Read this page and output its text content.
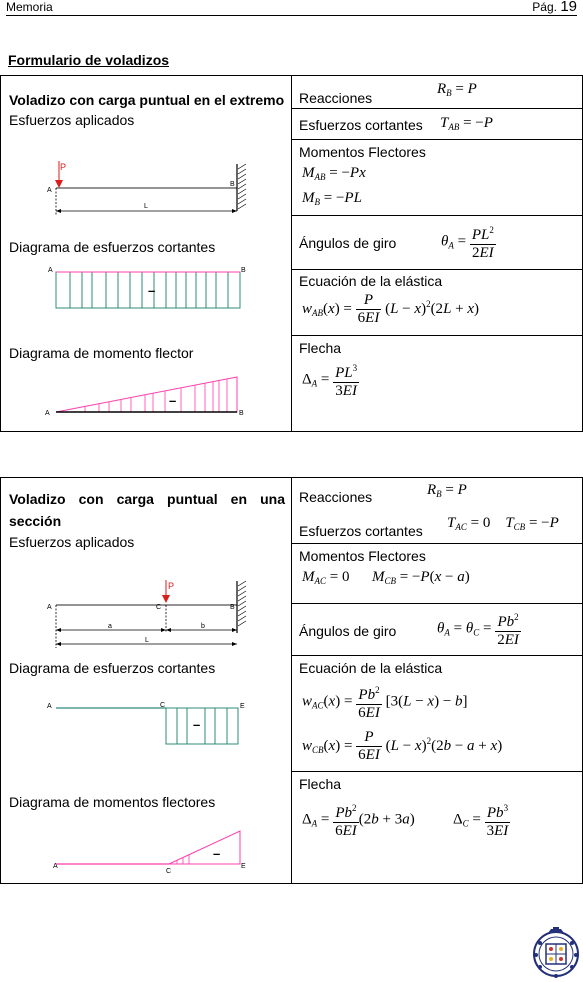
Memoria	Pág. 19
Formulario de voladizos
Voladizo con carga puntual en el extremo
Esfuerzos aplicados
Diagrama de esfuerzos cortantes
Diagrama de momento flector
P
A
B
L
–
A	B
–
A	B
Reacciones
$R_B = P$
Esfuerzos cortantes $T_{AB} = -P$
Momentos Flectores
$M_{AB} = -Px$
$M_B = -PL$
Ángulos de giro	$\theta_A = \frac{PL^2}{2EI}$
Ecuación de la elástica
$w_{AB}(x) = \frac{P}{6EI} (L - x)^2(2L + x)$
Flecha
$\Delta_A = \frac{PL^3}{3EI}$
Voladizo con carga puntual en una
sección
Esfuerzos aplicados
Diagrama de esfuerzos cortantes
Diagrama de momentos flectores
P
A	C	B
a	b
L
–
A	C	E
–
A
C
E
Reacciones	$R_B = P$
Esfuerzos cortantes $T_{AC} = 0$    $T_{CB} = -P$
Momentos Flectores
$M_{AC} = 0$      $M_{CB} = -P(x - a)$
Ángulos de giro	$\theta_A = \theta_C = \frac{Pb^2}{2EI}$
Ecuación de la elástica
$w_{AC}(x) = \frac{Pb^2}{6EI} [3(L - x) - b]$
$w_{CB}(x) = \frac{P}{6EI} (L - x)^2(2b - a + x)$
Flecha
$\Delta_A = \frac{Pb^2}{6EI} (2b + 3a)$	$\Delta_C = \frac{Pb^3}{3EI}$
